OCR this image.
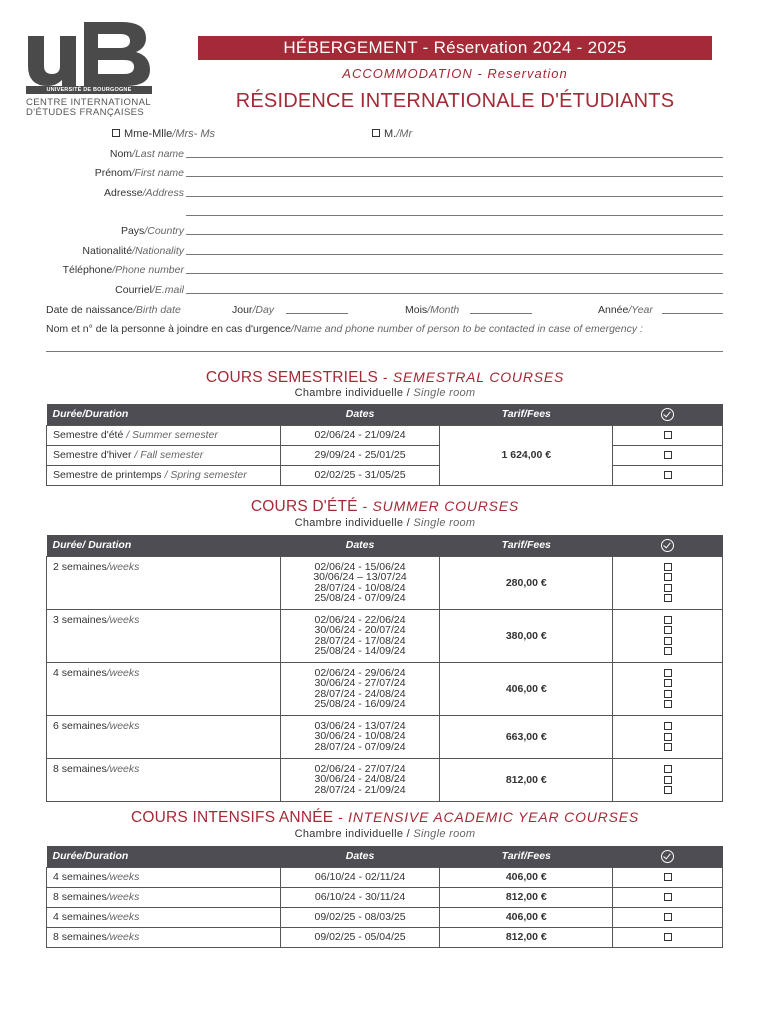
UNIVERSITÉ DE BOURGOGNE
CENTRE INTERNATIONAL
D'ÉTUDES FRANÇAISES
HÉBERGEMENT - Réservation 2024 - 2025
ACCOMMODATION - Reservation
RÉSIDENCE INTERNATIONALE D'ÉTUDIANTS
Mme-Mlle/Mrs- Ms	M./Mr
Nom/Last name
Prénom/First name
Adresse/Address
Pays/Country
Nationalité/Nationality
Téléphone/Phone number
Courriel/E.mail
Date de naissance/Birth date	Jour/Day	Mois/Month	Année/Year
Nom et n° de la personne à joindre en cas d'urgence/Name and phone number of person to be contacted in case of emergency :
COURS SEMESTRIELS - SEMESTRAL COURSES
Chambre individuelle / Single room
Durée/Duration	Dates	Tarif/Fees	
Semestre d'été / Summer semester	02/06/24 - 21/09/24	1 624,00 €	

Semestre d'hiver / Fall semester	29/09/24 - 25/01/25		

Semestre de printemps / Spring semester	02/02/25 - 31/05/25		
COURS D'ÉTÉ - SUMMER COURSES
Chambre individuelle / Single room
Durée/ Duration	Dates	Tarif/Fees	
2 semaines/weeks	02/06/24 - 15/06/24
30/06/24 – 13/07/24
28/07/24 - 10/08/24
25/08/24 - 07/09/24	280,00 €	

3 semaines/weeks	02/06/24 - 22/06/24
30/06/24 - 20/07/24
28/07/24 - 17/08/24
25/08/24 - 14/09/24	380,00 €	

4 semaines/weeks	02/06/24 - 29/06/24
30/06/24 - 27/07/24
28/07/24 - 24/08/24
25/08/24 - 16/09/24	406,00 €	

6 semaines/weeks	03/06/24 - 13/07/24
30/06/24 - 10/08/24
28/07/24 - 07/09/24	663,00 €	

8 semaines/weeks	02/06/24 - 27/07/24
30/06/24 - 24/08/24
28/07/24 - 21/09/24	812,00 €	
COURS INTENSIFS ANNÉE - INTENSIVE ACADEMIC YEAR COURSES
Chambre individuelle / Single room
Durée/Duration	Dates	Tarif/Fees	
4 semaines/weeks	06/10/24 - 02/11/24	406,00 €	

8 semaines/weeks	06/10/24 - 30/11/24	812,00 €	

4 semaines/weeks	09/02/25 - 08/03/25	406,00 €	

8 semaines/weeks	09/02/25 - 05/04/25	812,00 €	
